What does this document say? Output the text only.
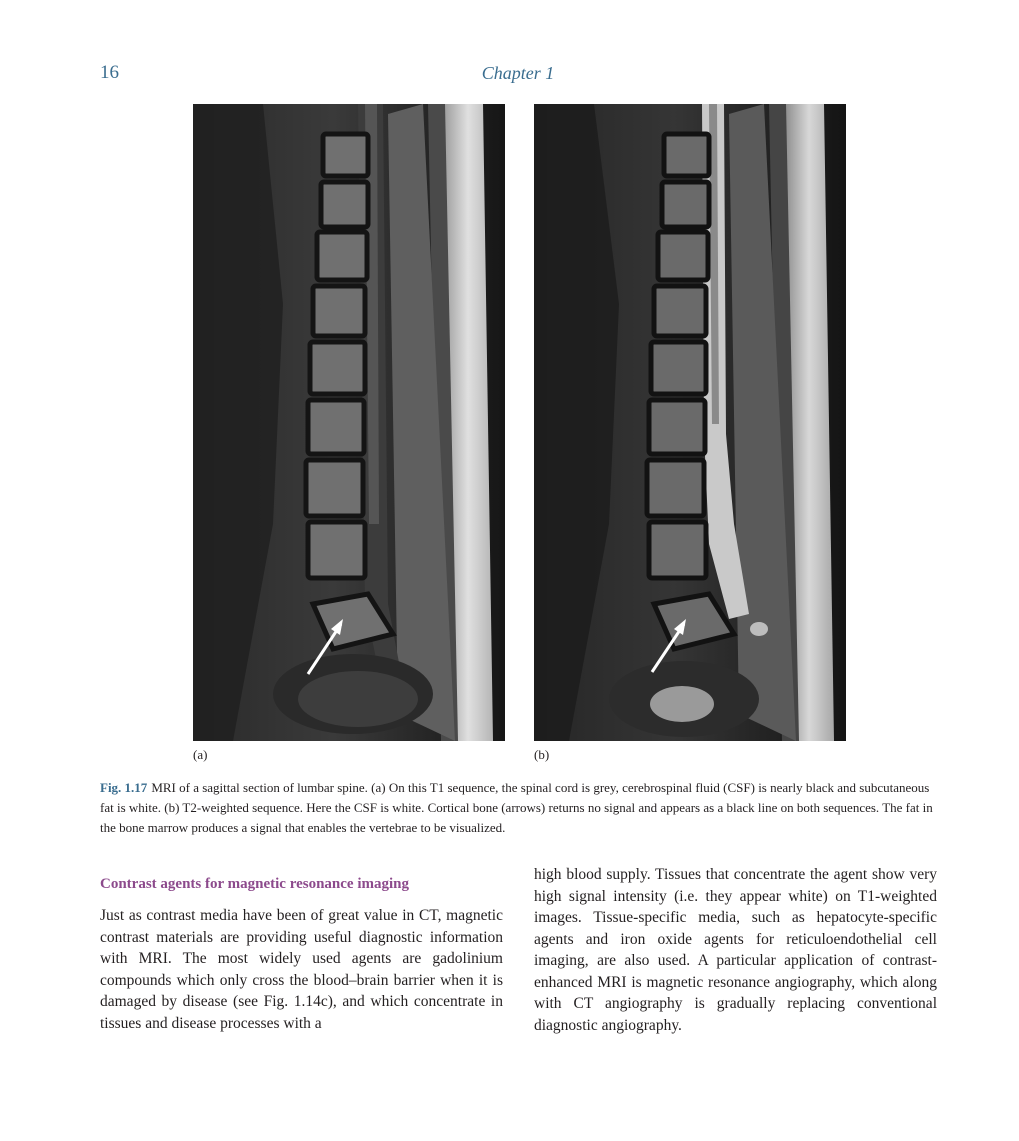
16	Chapter 1
(a)	(b)
Fig. 1.17 MRI of a sagittal section of lumbar spine. (a) On this T1 sequence, the spinal cord is grey, cerebrospinal fluid (CSF) is nearly black and subcutaneous fat is white. (b) T2-weighted sequence. Here the CSF is white. Cortical bone (arrows) returns no signal and appears as a black line on both sequences. The fat in the bone marrow produces a signal that enables the vertebrae to be visualized.
Contrast agents for magnetic resonance imaging
Just as contrast media have been of great value in CT, magnetic contrast materials are providing useful diagnostic information with MRI. The most widely used agents are gadolinium compounds which only cross the blood–brain barrier when it is damaged by disease (see Fig. 1.14c), and which concentrate in tissues and disease processes with a
high blood supply. Tissues that concentrate the agent show very high signal intensity (i.e. they appear white) on T1-weighted images. Tissue-specific media, such as hepatocyte-specific agents and iron oxide agents for reticuloendothelial cell imaging, are also used. A particular application of contrast-enhanced MRI is magnetic resonance angiography, which along with CT angiography is gradually replacing conventional diagnostic angiography.
